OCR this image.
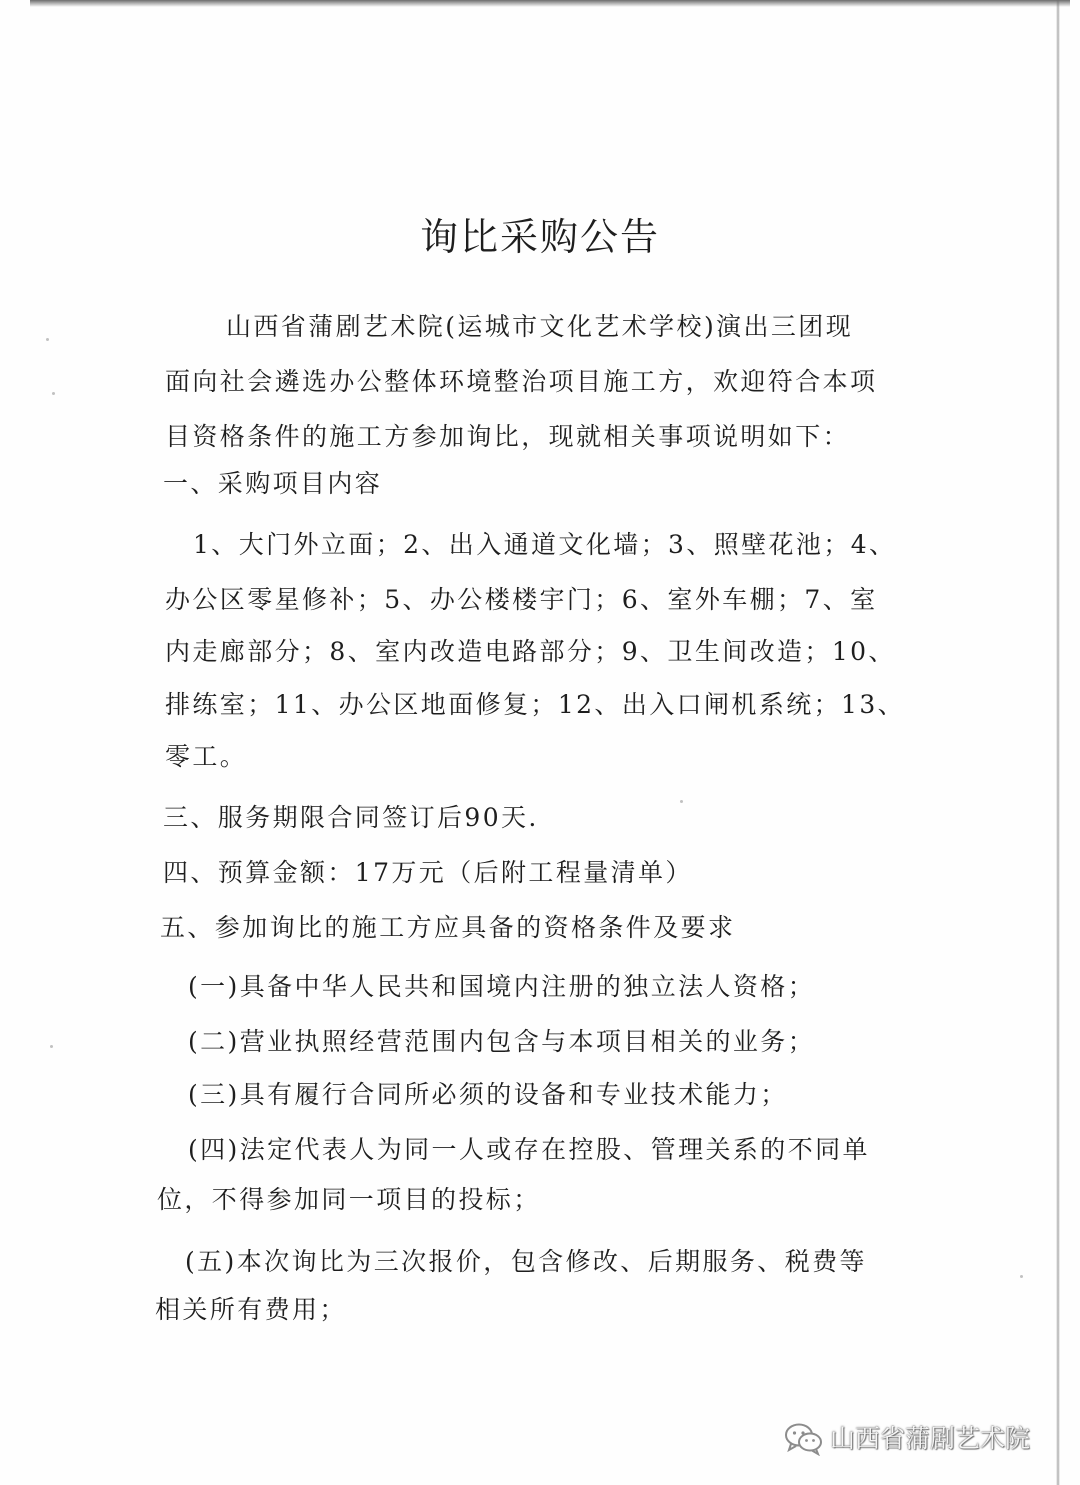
询比采购公告
山西省蒲剧艺术院(运城市文化艺术学校)演出三团现
面向社会遴选办公整体环境整治项目施工方，欢迎符合本项
目资格条件的施工方参加询比，现就相关事项说明如下：
一、采购项目内容
1、大门外立面；2、出入通道文化墙；3、照壁花池；4、
办公区零星修补；5、办公楼楼宇门；6、室外车棚；7、室
内走廊部分；8、室内改造电路部分；9、卫生间改造；10、
排练室；11、办公区地面修复；12、出入口闸机系统；13、
零工。
三、服务期限合同签订后90天.
四、预算金额：17万元（后附工程量清单）
五、参加询比的施工方应具备的资格条件及要求
(一)具备中华人民共和国境内注册的独立法人资格；
(二)营业执照经营范围内包含与本项目相关的业务；
(三)具有履行合同所必须的设备和专业技术能力；
(四)法定代表人为同一人或存在控股、管理关系的不同单
位，不得参加同一项目的投标；
(五)本次询比为三次报价，包含修改、后期服务、税费等
相关所有费用；
山西省蒲剧艺术院
